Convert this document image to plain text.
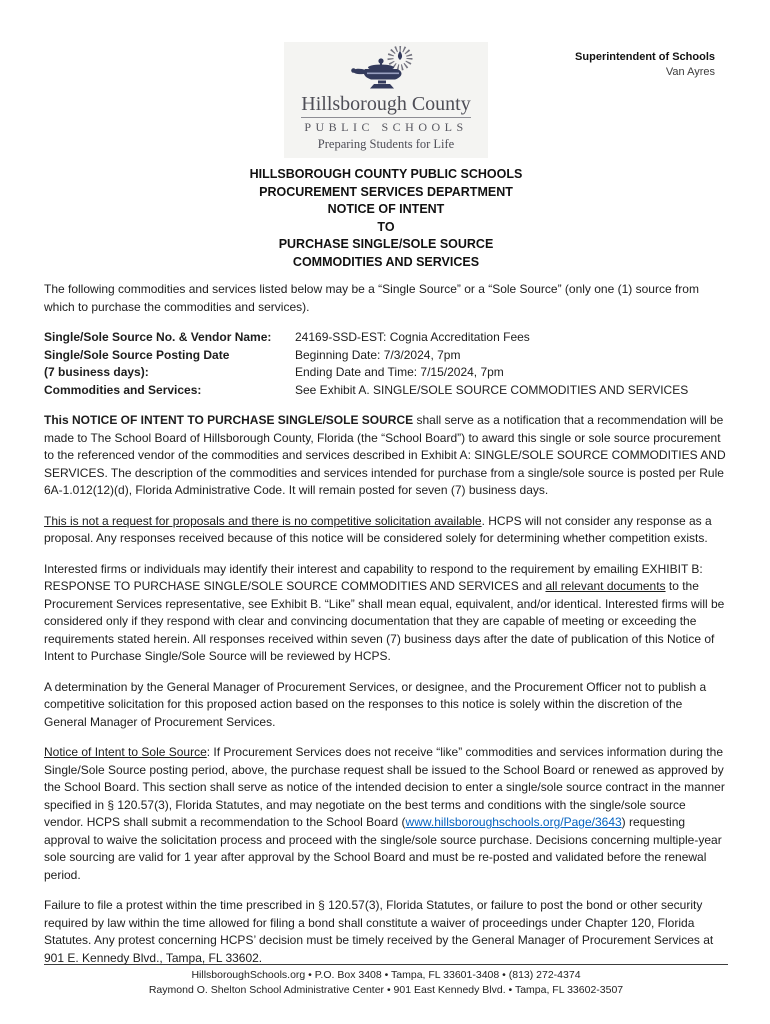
Superintendent of Schools
Van Ayres
Hillsborough County
PUBLIC SCHOOLS
Preparing Students for Life
HILLSBOROUGH COUNTY PUBLIC SCHOOLS
PROCUREMENT SERVICES DEPARTMENT
NOTICE OF INTENT
TO
PURCHASE SINGLE/SOLE SOURCE
COMMODITIES AND SERVICES

The following commodities and services listed below may be a “Single Source” or a “Sole Source” (only one (1) source from which to purchase the commodities and services).

Single/Sole Source No. & Vendor Name:	24169-SSD-EST: Cognia Accreditation Fees
Single/Sole Source Posting Date	Beginning Date: 7/3/2024, 7pm
(7 business days):	Ending Date and Time: 7/15/2024, 7pm
Commodities and Services:	See Exhibit A. SINGLE/SOLE SOURCE COMMODITIES AND SERVICES

This NOTICE OF INTENT TO PURCHASE SINGLE/SOLE SOURCE shall serve as a notification that a recommendation will be made to The School Board of Hillsborough County, Florida (the “School Board”) to award this single or sole source procurement to the referenced vendor of the commodities and services described in Exhibit A: SINGLE/SOLE SOURCE COMMODITIES AND SERVICES. The description of the commodities and services intended for purchase from a single/sole source is posted per Rule 6A-1.012(12)(d), Florida Administrative Code. It will remain posted for seven (7) business days.

This is not a request for proposals and there is no competitive solicitation available. HCPS will not consider any response as a proposal. Any responses received because of this notice will be considered solely for determining whether competition exists.

Interested firms or individuals may identify their interest and capability to respond to the requirement by emailing EXHIBIT B: RESPONSE TO PURCHASE SINGLE/SOLE SOURCE COMMODITIES AND SERVICES and all relevant documents to the Procurement Services representative, see Exhibit B. “Like” shall mean equal, equivalent, and/or identical. Interested firms will be considered only if they respond with clear and convincing documentation that they are capable of meeting or exceeding the requirements stated herein. All responses received within seven (7) business days after the date of publication of this Notice of Intent to Purchase Single/Sole Source will be reviewed by HCPS.

A determination by the General Manager of Procurement Services, or designee, and the Procurement Officer not to publish a competitive solicitation for this proposed action based on the responses to this notice is solely within the discretion of the General Manager of Procurement Services.

Notice of Intent to Sole Source: If Procurement Services does not receive “like” commodities and services information during the Single/Sole Source posting period, above, the purchase request shall be issued to the School Board or renewed as approved by the School Board. This section shall serve as notice of the intended decision to enter a single/sole source contract in the manner specified in § 120.57(3), Florida Statutes, and may negotiate on the best terms and conditions with the single/sole source vendor. HCPS shall submit a recommendation to the School Board (www.hillsboroughschools.org/Page/3643) requesting approval to waive the solicitation process and proceed with the single/sole source purchase. Decisions concerning multiple-year sole sourcing are valid for 1 year after approval by the School Board and must be re-posted and validated before the renewal period.

Failure to file a protest within the time prescribed in § 120.57(3), Florida Statutes, or failure to post the bond or other security required by law within the time allowed for filing a bond shall constitute a waiver of proceedings under Chapter 120, Florida Statutes. Any protest concerning HCPS’ decision must be timely received by the General Manager of Procurement Services at 901 E. Kennedy Blvd., Tampa, FL 33602.

HillsboroughSchools.org • P.O. Box 3408 • Tampa, FL 33601-3408 • (813) 272-4374
Raymond O. Shelton School Administrative Center • 901 East Kennedy Blvd. • Tampa, FL 33602-3507
